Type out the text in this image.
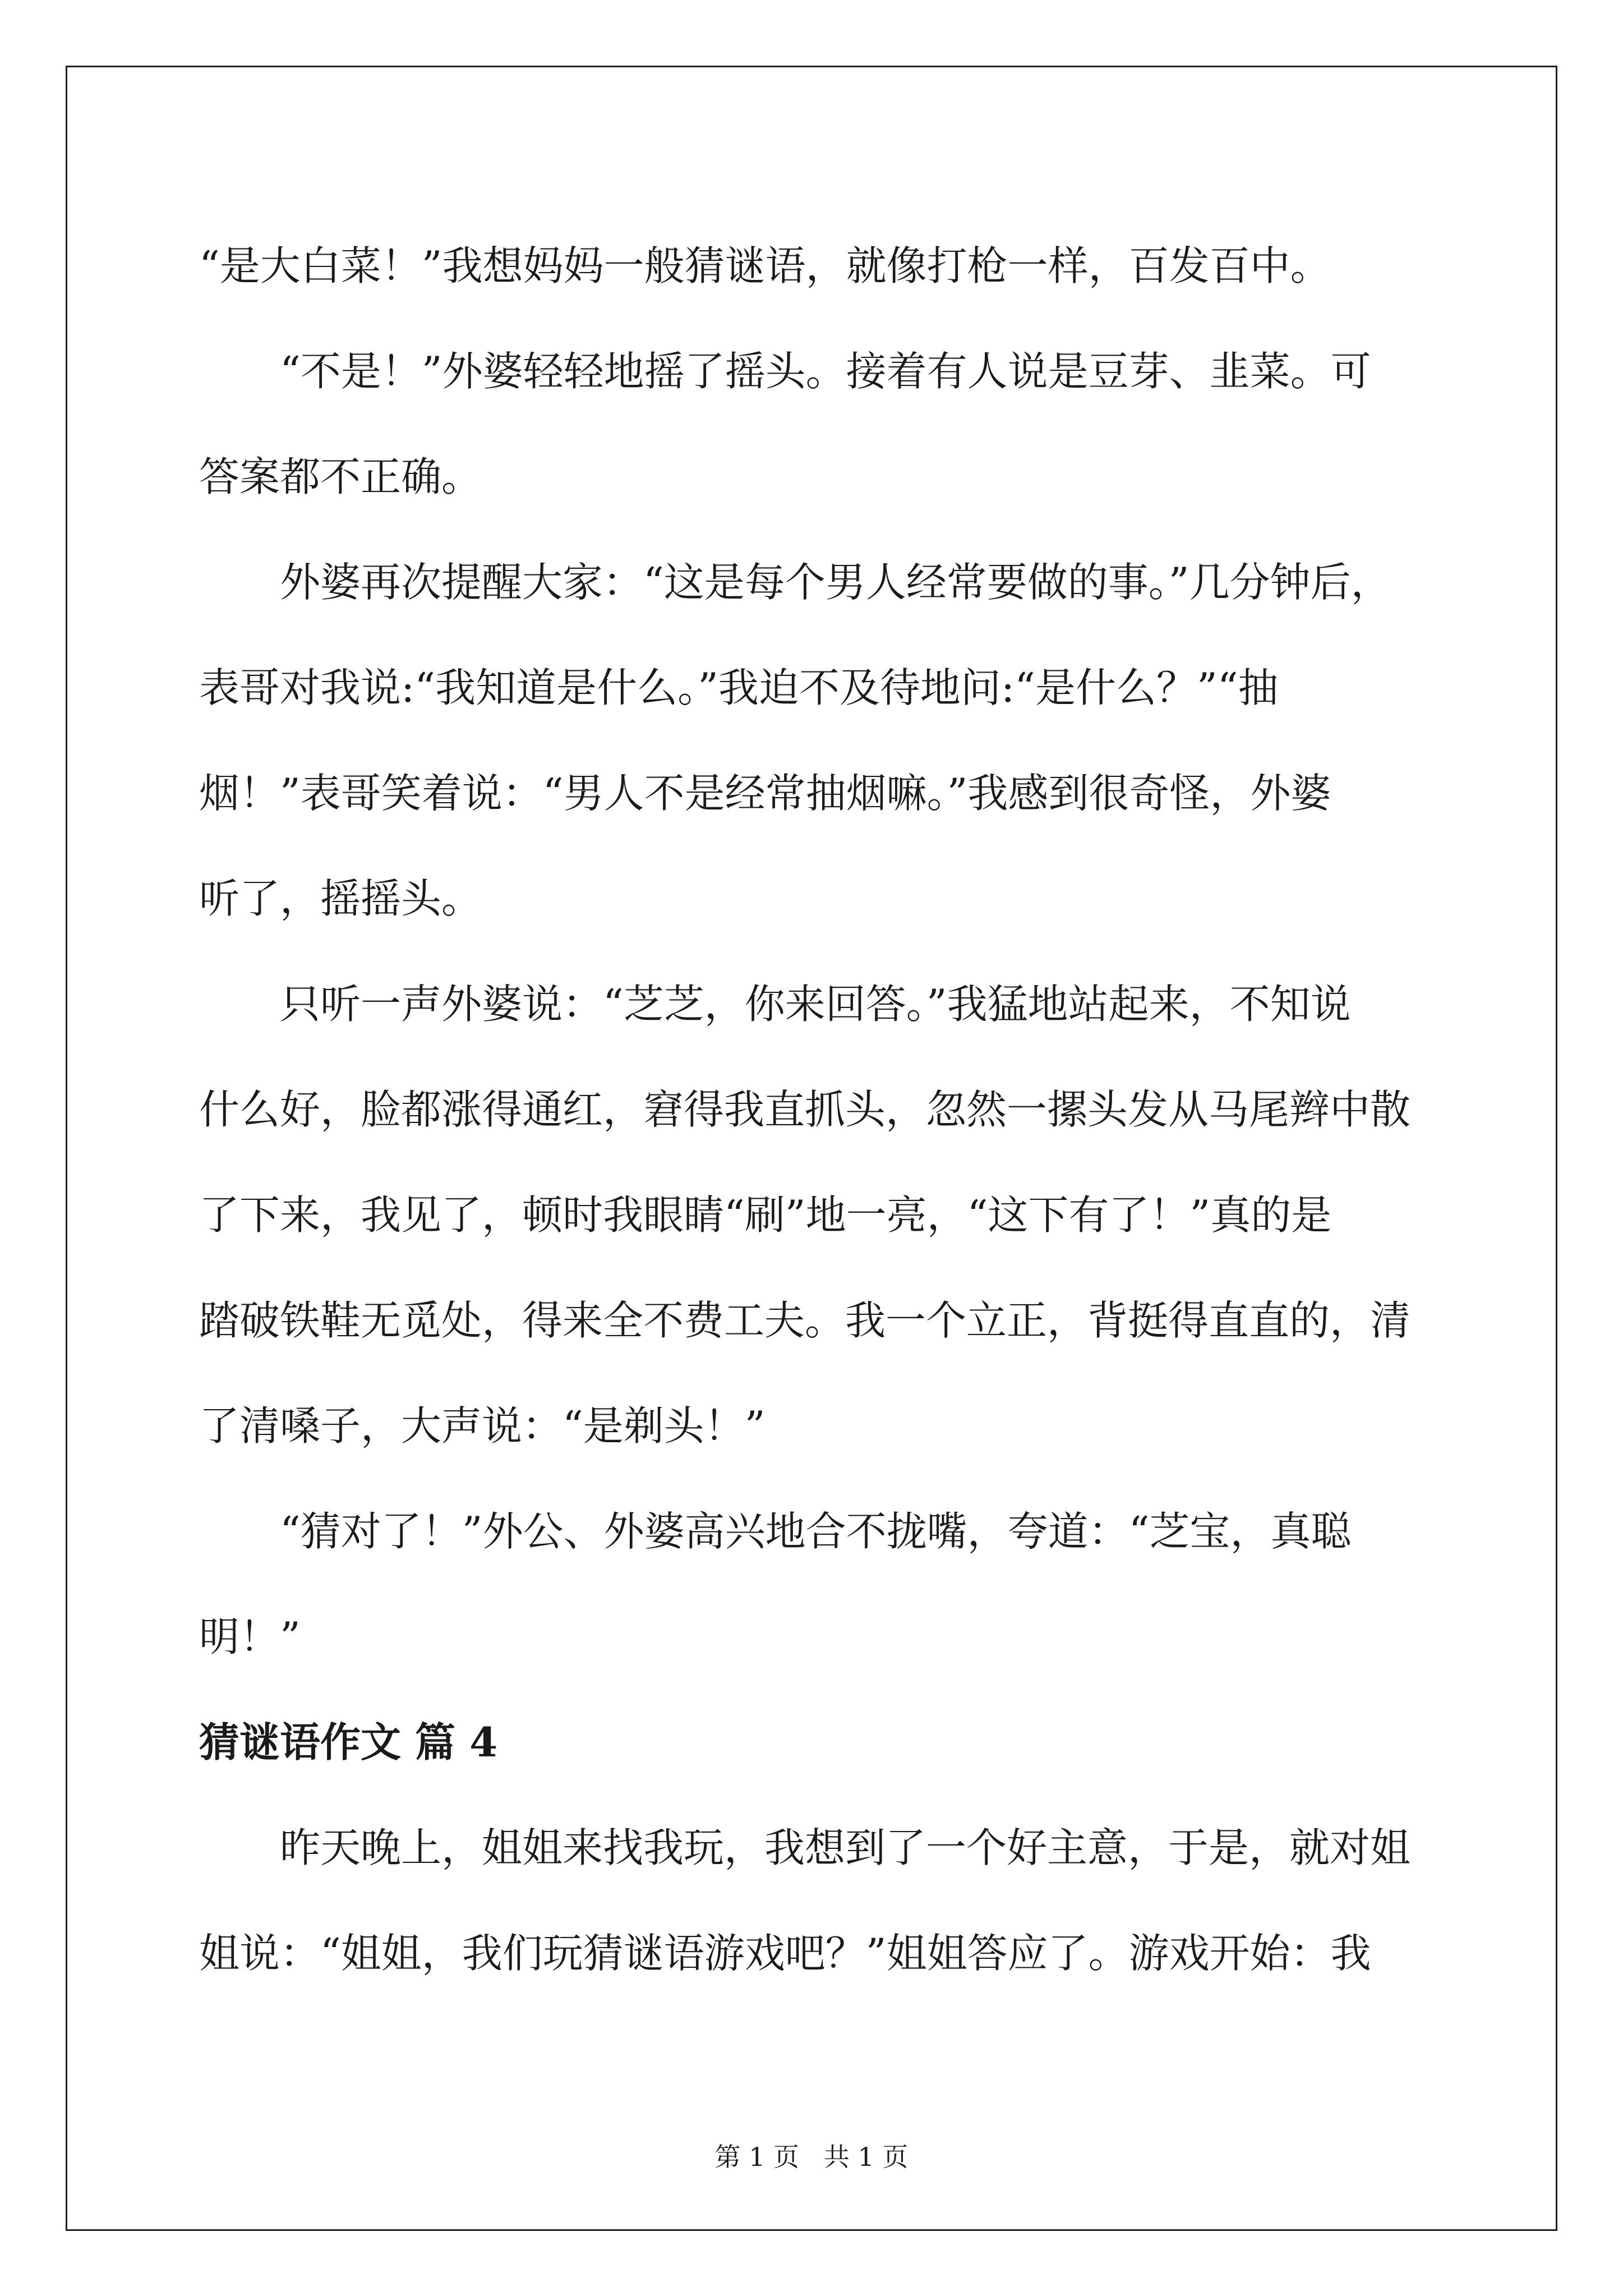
“是大白菜！”我想妈妈一般猜谜语，就像打枪一样，百发百中。

“不是！”外婆轻轻地摇了摇头。接着有人说是豆芽、韭菜。可
答案都不正确。

外婆再次提醒大家：“这是每个男人经常要做的事。”几分钟后，
表哥对我说:“我知道是什么。”我迫不及待地问:“是什么？”“抽
烟！”表哥笑着说：“男人不是经常抽烟嘛。”我感到很奇怪，外婆
听了，摇摇头。

只听一声外婆说：“芝芝，你来回答。”我猛地站起来，不知说
什么好，脸都涨得通红，窘得我直抓头，忽然一摞头发从马尾辫中散
了下来，我见了，顿时我眼睛“刷”地一亮，“这下有了！”真的是
踏破铁鞋无觅处，得来全不费工夫。我一个立正，背挺得直直的，清
了清嗓子，大声说：“是剃头！”

“猜对了！”外公、外婆高兴地合不拢嘴，夸道：“芝宝，真聪
明！”

猜谜语作文 篇 4

昨天晚上，姐姐来找我玩，我想到了一个好主意，于是，就对姐
姐说：“姐姐，我们玩猜谜语游戏吧？”姐姐答应了。游戏开始：我

第 1 页   共 1 页
